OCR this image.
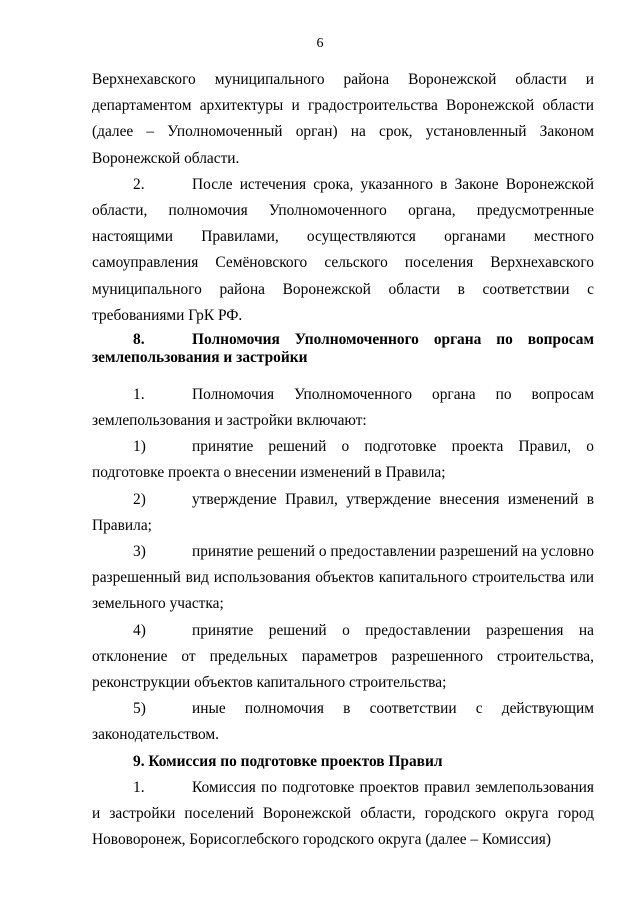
6

Верхнехавского муниципального района Воронежской области и департаментом архитектуры и градостроительства Воронежской области (далее – Уполномоченный орган) на срок, установленный Законом Воронежской области.

2.	После истечения срока, указанного в Законе Воронежской области, полномочия Уполномоченного органа, предусмотренные настоящими Правилами, осуществляются органами местного самоуправления Семёновского сельского поселения Верхнехавского муниципального района Воронежской области в соответствии с требованиями ГрК РФ.

8.	Полномочия Уполномоченного органа по вопросам землепользования и застройки

1.	Полномочия Уполномоченного органа по вопросам землепользования и застройки включают:

1)	принятие решений о подготовке проекта Правил, о подготовке проекта о внесении изменений в Правила;

2)	утверждение Правил, утверждение внесения изменений в Правила;

3)	принятие решений о предоставлении разрешений на условно разрешенный вид использования объектов капитального строительства или земельного участка;

4)	принятие решений о предоставлении разрешения на отклонение от предельных параметров разрешенного строительства, реконструкции объектов капитального строительства;

5)	иные полномочия в соответствии с действующим законодательством.

9. Комиссия по подготовке проектов Правил

1.	Комиссия по подготовке проектов правил землепользования и застройки поселений Воронежской области, городского округа город Нововоронеж, Борисоглебского городского округа (далее – Комиссия)
